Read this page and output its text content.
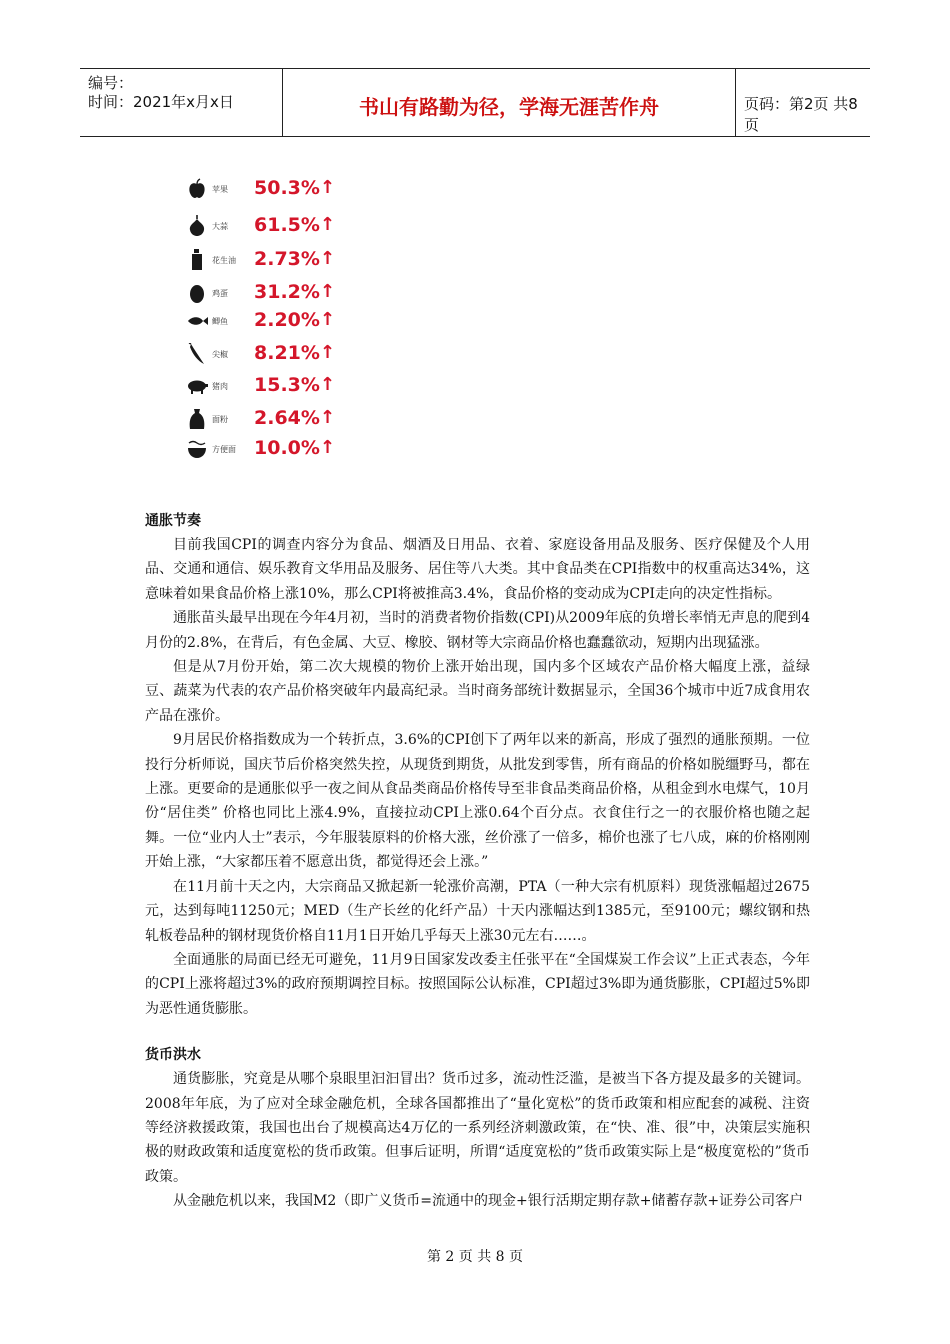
编号：
时间：2021年x月x日	书山有路勤为径，学海无涯苦作舟	页码：第2页 共8页
苹果 50.3% ↑
大蒜 61.5% ↑
花生油 2.73% ↑
鸡蛋 31.2% ↑
鲫鱼 2.20% ↑
尖椒 8.21% ↑
猪肉 15.3% ↑
面粉 2.64% ↑
方便面 10.0% ↑
通胀节奏

目前我国CPI的调查内容分为食品、烟酒及日用品、衣着、家庭设备用品及服务、医疗保健及个人用品、交通和通信、娱乐教育文华用品及服务、居住等八大类。其中食品类在CPI指数中的权重高达34%，这意味着如果食品价格上涨10%，那么CPI将被推高3.4%，食品价格的变动成为CPI走向的决定性指标。

通胀苗头最早出现在今年4月初，当时的消费者物价指数(CPI)从2009年底的负增长率悄无声息的爬到4月份的2.8%，在背后，有色金属、大豆、橡胶、钢材等大宗商品价格也蠢蠢欲动，短期内出现猛涨。

但是从7月份开始，第二次大规模的物价上涨开始出现，国内多个区域农产品价格大幅度上涨，益绿豆、蔬菜为代表的农产品价格突破年内最高纪录。当时商务部统计数据显示，全国36个城市中近7成食用农产品在涨价。

9月居民价格指数成为一个转折点，3.6%的CPI创下了两年以来的新高，形成了强烈的通胀预期。一位投行分析师说，国庆节后价格突然失控，从现货到期货，从批发到零售，所有商品的价格如脱缰野马，都在上涨。更要命的是通胀似乎一夜之间从食品类商品价格传导至非食品类商品价格，从租金到水电煤气，10月份“居住类” 价格也同比上涨4.9%，直接拉动CPI上涨0.64个百分点。衣食住行之一的衣服价格也随之起舞。一位“业内人士”表示，今年服装原料的价格大涨，丝价涨了一倍多，棉价也涨了七八成，麻的价格刚刚开始上涨，“大家都压着不愿意出货，都觉得还会上涨。”

在11月前十天之内，大宗商品又掀起新一轮涨价高潮，PTA（一种大宗有机原料）现货涨幅超过2675元，达到每吨11250元；MED（生产长丝的化纤产品）十天内涨幅达到1385元，至9100元；螺纹钢和热轧板卷品种的钢材现货价格自11月1日开始几乎每天上涨30元左右……。

全面通胀的局面已经无可避免，11月9日国家发改委主任张平在“全国煤炭工作会议”上正式表态，今年的CPI上涨将超过3%的政府预期调控目标。按照国际公认标准，CPI超过3%即为通货膨胀，CPI超过5%即为恶性通货膨胀。

货币洪水

通货膨胀，究竟是从哪个泉眼里汩汩冒出？货币过多，流动性泛滥，是被当下各方提及最多的关键词。2008年年底，为了应对全球金融危机，全球各国都推出了“量化宽松”的货币政策和相应配套的减税、注资等经济救援政策，我国也出台了规模高达4万亿的一系列经济刺激政策，在“快、准、很”中，决策层实施积极的财政政策和适度宽松的货币政策。但事后证明，所谓“适度宽松的”货币政策实际上是“极度宽松的”货币政策。

从金融危机以来，我国M2（即广义货币=流通中的现金+银行活期定期存款+储蓄存款+证券公司客户

第 2 页 共 8 页
